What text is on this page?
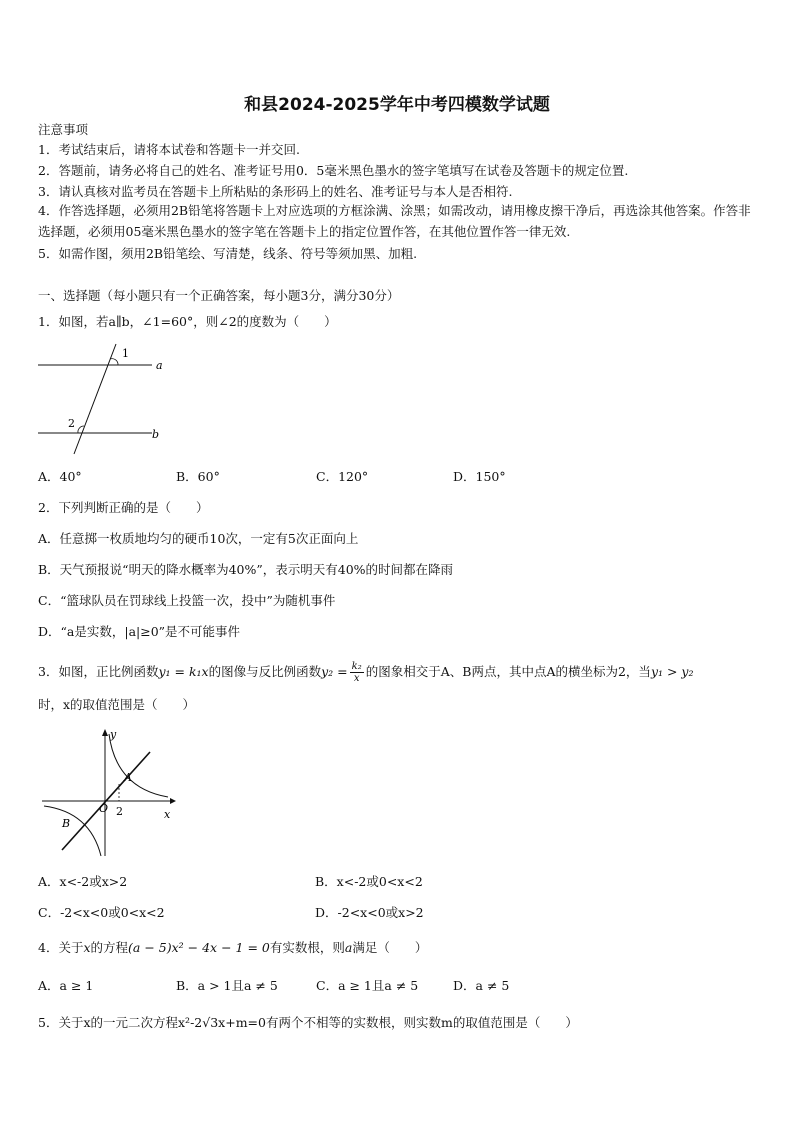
和县2024-2025学年中考四模数学试题
注意事项
1．考试结束后，请将本试卷和答题卡一并交回.
2．答题前，请务必将自己的姓名、准考证号用0．5毫米黑色墨水的签字笔填写在试卷及答题卡的规定位置.
3．请认真核对监考员在答题卡上所粘贴的条形码上的姓名、准考证号与本人是否相符.
4．作答选择题，必须用2B铅笔将答题卡上对应选项的方框涂满、涂黑；如需改动，请用橡皮擦干净后，再选涂其他答案。作答非选择题，必须用05毫米黑色墨水的签字笔在答题卡上的指定位置作答，在其他位置作答一律无效.
5．如需作图，须用2B铅笔绘、写清楚，线条、符号等须加黑、加粗.
一、选择题（每小题只有一个正确答案，每小题3分，满分30分）
1．如图，若a∥b，∠1=60°，则∠2的度数为（　　）
1
2
a
b
A．40°	B．60°	C．120°	D．150°
2．下列判断正确的是（　　）
A．任意掷一枚质地均匀的硬币10次，一定有5次正面向上
B．天气预报说“明天的降水概率为40%”，表示明天有40%的时间都在降雨
C．“篮球队员在罚球线上投篮一次，投中”为随机事件
D．“a是实数，|a|≥0”是不可能事件
3．如图，正比例函数y₁ = k₁x的图像与反比例函数$y_2 = \frac{\text{k₂}}{x}$ 的图象相交于A、B两点，其中点A的横坐标为2，当y₁ > y₂
时，x的取值范围是（　　）
y
x
A
B
O 2
A．x<-2或x>2	B．x<-2或0<x<2
C．-2<x<0或0<x<2	D．-2<x<0或x>2
4．关于x的方程(a − 5)x² − 4x − 1 = 0有实数根，则a满足（　　）
A．a ≥ 1	B．a > 1且a ≠ 5	C．a ≥ 1且a ≠ 5	D．a ≠ 5
5．关于x的一元二次方程x²-2√3x+m=0有两个不相等的实数根，则实数m的取值范围是（　　）
